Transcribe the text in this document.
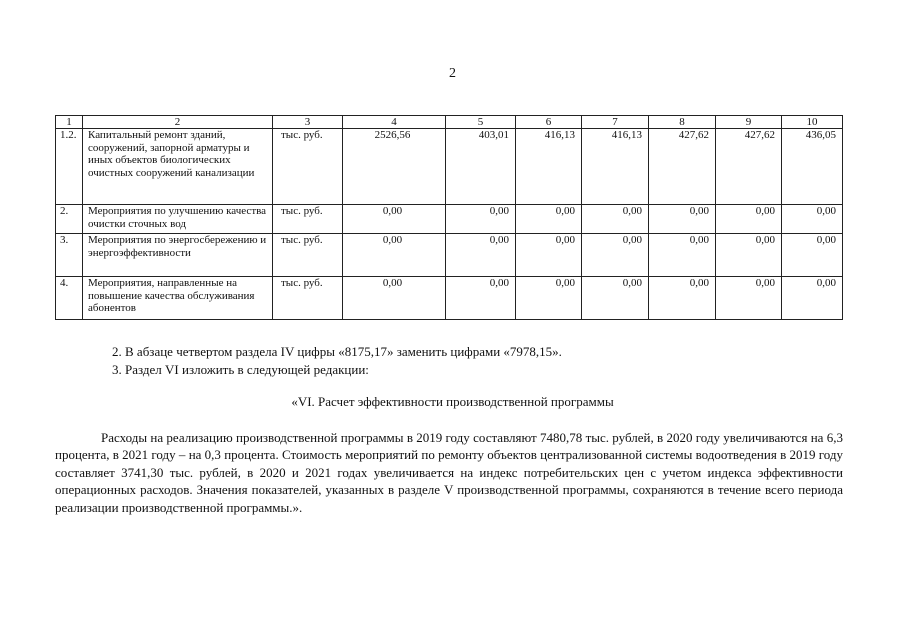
2
1	2	3	4	5	6	7	8	9	10
1.2.	Капитальный ремонт зданий, сооружений, запорной арматуры и иных объектов биологических очистных сооружений канализации	тыс. руб.	2526,56	403,01	416,13	416,13	427,62	427,62	436,05
2.	Мероприятия по улучшению качества очистки сточных вод	тыс. руб.	0,00	0,00	0,00	0,00	0,00	0,00	0,00
3.	Мероприятия по энергосбережению и энергоэффективности	тыс. руб.	0,00	0,00	0,00	0,00	0,00	0,00	0,00
4.	Мероприятия, направленные на повышение качества обслуживания абонентов	тыс. руб.	0,00	0,00	0,00	0,00	0,00	0,00	0,00
2. В абзаце четвертом раздела IV цифры «8175,17» заменить цифрами «7978,15».
3. Раздел VI изложить в следующей редакции:
«VI. Расчет эффективности производственной программы
Расходы на реализацию производственной программы в 2019 году составляют 7480,78 тыс. рублей, в 2020 году увеличиваются на 6,3 процента, в 2021 году – на 0,3 процента. Стоимость мероприятий по ремонту объектов централизованной системы водоотведения в 2019 году составляет 3741,30 тыс. рублей, в 2020 и 2021 годах увеличивается на индекс потребительских цен с учетом индекса эффективности операционных расходов. Значения показателей, указанных в разделе V производственной программы, сохраняются в течение всего периода реализации производственной программы.».
